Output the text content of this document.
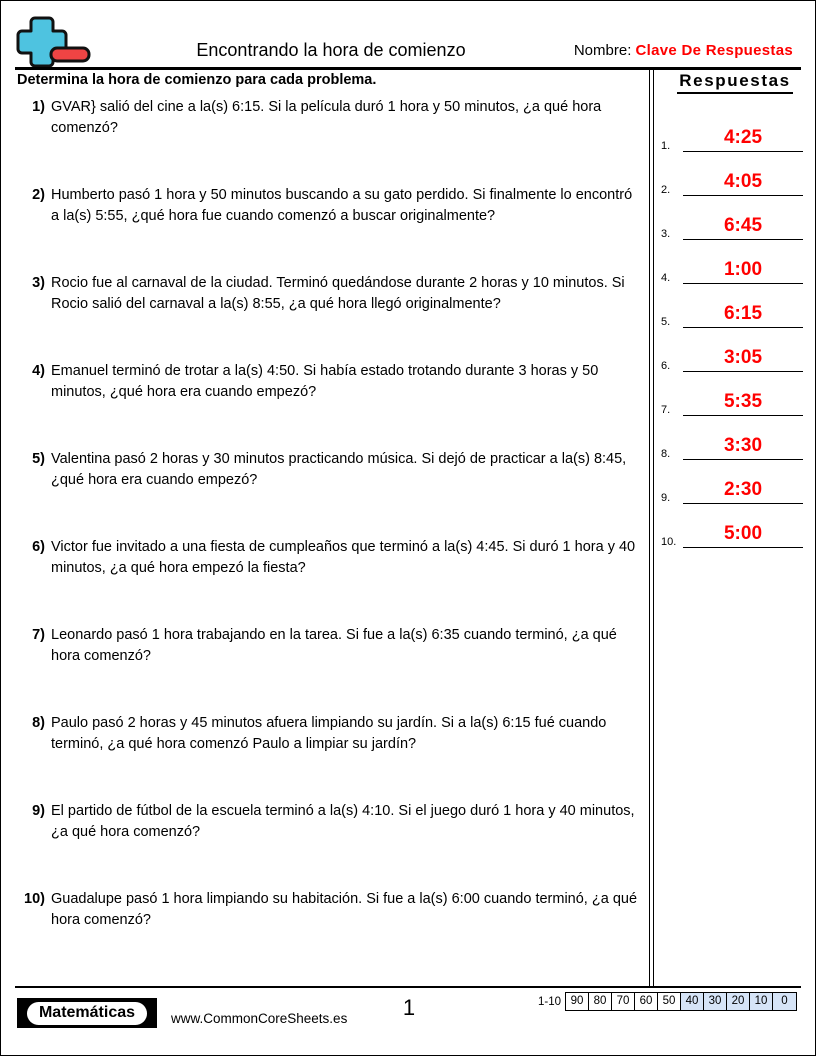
Encontrando la hora de comienzo	Nombre: Clave De Respuestas
Determina la hora de comienzo para cada problema.
1) GVAR} salió del cine a la(s) 6:15. Si la película duró 1 hora y 50 minutos, ¿a qué hora comenzó?
2) Humberto pasó 1 hora y 50 minutos buscando a su gato perdido. Si finalmente lo encontró a la(s) 5:55, ¿qué hora fue cuando comenzó a buscar originalmente?
3) Rocio fue al carnaval de la ciudad. Terminó quedándose durante 2 horas y 10 minutos. Si Rocio salió del carnaval a la(s) 8:55, ¿a qué hora llegó originalmente?
4) Emanuel terminó de trotar a la(s) 4:50. Si había estado trotando durante 3 horas y 50 minutos, ¿qué hora era cuando empezó?
5) Valentina pasó 2 horas y 30 minutos practicando música. Si dejó de practicar a la(s) 8:45, ¿qué hora era cuando empezó?
6) Victor fue invitado a una fiesta de cumpleaños que terminó a la(s) 4:45. Si duró 1 hora y 40 minutos, ¿a qué hora empezó la fiesta?
7) Leonardo pasó 1 hora trabajando en la tarea. Si fue a la(s) 6:35 cuando terminó, ¿a qué hora comenzó?
8) Paulo pasó 2 horas y 45 minutos afuera limpiando su jardín. Si a la(s) 6:15 fué cuando terminó, ¿a qué hora comenzó Paulo a limpiar su jardín?
9) El partido de fútbol de la escuela terminó a la(s) 4:10. Si el juego duró 1 hora y 40 minutos, ¿a qué hora comenzó?
10) Guadalupe pasó 1 hora limpiando su habitación. Si fue a la(s) 6:00 cuando terminó, ¿a qué hora comenzó?
Respuestas
1.	4:25
2.	4:05
3.	6:45
4.	1:00
5.	6:15
6.	3:05
7.	5:35
8.	3:30
9.	2:30
10.	5:00
Matemáticas	www.CommonCoreSheets.es	1	1-10 90 80 70 60 50 40 30 20 10	0
